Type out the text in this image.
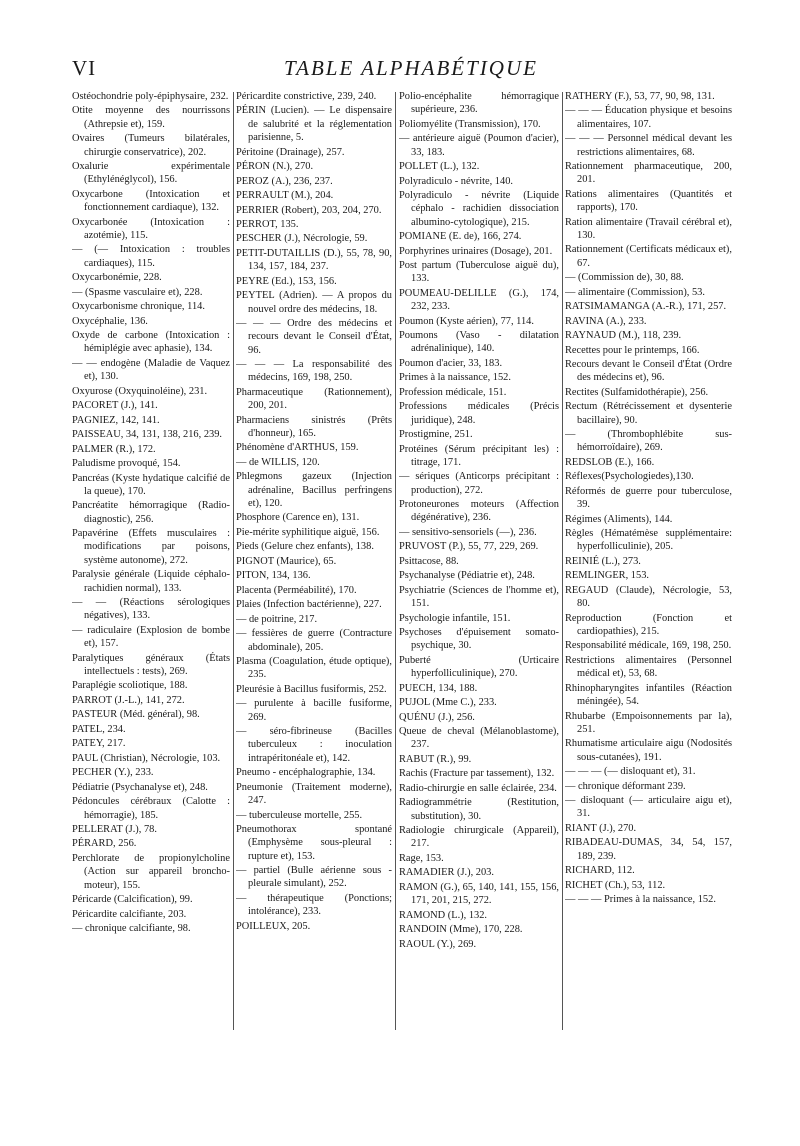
VI	TABLE ALPHABÉTIQUE

Ostéochondrie poly-épiphysaire, 232.

Otite moyenne des nourrissons (Athrepsie et), 159.

Ovaires (Tumeurs bilatérales, chirurgie conservatrice), 202.

Oxalurie expérimentale (Ethylénéglycol), 156.

Oxycarbone (Intoxication et fonctionnement cardiaque), 132.

Oxycarbonée (Intoxication : azotémie), 115.

— (— Intoxication : troubles cardiaques), 115.

Oxycarbonémie, 228.

— (Spasme vasculaire et), 228.

Oxycarbonisme chronique, 114.

Oxycéphalie, 136.

Oxyde de carbone (Intoxication : hémiplégie avec aphasie), 134.

— — endogène (Maladie de Vaquez et), 130.

Oxyurose (Oxyquinoléine), 231.

PACORET (J.), 141.

PAGNIEZ, 142, 141.

PAISSEAU, 34, 131, 138, 216, 239.

PALMER (R.), 172.

Paludisme provoqué, 154.

Pancréas (Kyste hydatique calcifié de la queue), 170.

Pancréatite hémorragique (Radio-diagnostic), 256.

Papavérine (Effets musculaires : modifications par poisons, système autonome), 272.

Paralysie générale (Liquide céphalo-rachidien normal), 133.

— — (Réactions sérologiques négatives), 133.

— radiculaire (Explosion de bombe et), 157.

Paralytiques généraux (États intellectuels : tests), 269.

Paraplégie scoliotique, 188.

PARROT (J.-L.), 141, 272.

PASTEUR (Méd. général), 98.

PATEL, 234.

PATEY, 217.

PAUL (Christian), Nécrologie, 103.

PECHER (Y.), 233.

Pédiatrie (Psychanalyse et), 248.

Pédoncules cérébraux (Calotte : hémorragie), 185.

PELLERAT (J.), 78.

PÉRARD, 256.

Perchlorate de propionylcholine (Action sur appareil broncho-moteur), 155.

Péricarde (Calcification), 99.

Péricardite calcifiante, 203.

— chronique calcifiante, 98.

Péricardite constrictive, 239, 240.

PÉRIN (Lucien). — Le dispensaire de salubrité et la réglementation parisienne, 5.

Péritoine (Drainage), 257.

PÉRON (N.), 270.

PEROZ (A.), 236, 237.

PERRAULT (M.), 204.

PERRIER (Robert), 203, 204, 270.

PERROT, 135.

PESCHER (J.), Nécrologie, 59.

PETIT-DUTAILLIS (D.), 55, 78, 90, 134, 157, 184, 237.

PEYRE (Ed.), 153, 156.

PEYTEL (Adrien). — A propos du nouvel ordre des médecins, 18.

— — — Ordre des médecins et recours devant le Conseil d'État, 96.

— — — La responsabilité des médecins, 169, 198, 250.

Pharmaceutique (Rationnement), 200, 201.

Pharmaciens sinistrés (Prêts d'honneur), 165.

Phénomène d'ARTHUS, 159.

— de WILLIS, 120.

Phlegmons gazeux (Injection adrénaline, Bacillus perfringens et), 120.

Phosphore (Carence en), 131.

Pie-mérite syphilitique aiguë, 156.

Pieds (Gelure chez enfants), 138.

PIGNOT (Maurice), 65.

PITON, 134, 136.

Placenta (Perméabilité), 170.

Plaies (Infection bactérienne), 227.

— de poitrine, 217.

— fessières de guerre (Contracture abdominale), 205.

Plasma (Coagulation, étude optique), 235.

Pleurésie à Bacillus fusiformis, 252.

— purulente à bacille fusiforme, 269.

— séro-fibrineuse (Bacilles tuberculeux : inoculation intrapéritonéale et), 142.

Pneumo - encéphalographie, 134.

Pneumonie (Traitement moderne), 247.

— tuberculeuse mortelle, 255.

Pneumothorax spontané (Emphysème sous-pleural : rupture et), 153.

— partiel (Bulle aérienne sous - pleurale simulant), 252.

— thérapeutique (Ponctions; intolérance), 233.

POILLEUX, 205.

Polio-encéphalite hémorragique supérieure, 236.

Poliomyélite (Transmission), 170.

— antérieure aiguë (Poumon d'acier), 33, 183.

POLLET (L.), 132.

Polyradiculo - névrite, 140.

Polyradiculo - névrite (Liquide céphalo - rachidien dissociation albumino-cytologique), 215.

POMIANE (E. de), 166, 274.

Porphyrines urinaires (Dosage), 201.

Post partum (Tuberculose aiguë du), 133.

POUMEAU-DELILLE (G.), 174, 232, 233.

Poumon (Kyste aérien), 77, 114.

Poumons (Vaso - dilatation adrénalinique), 140.

Poumon d'acier, 33, 183.

Primes à la naissance, 152.

Profession médicale, 151.

Professions médicales (Précis juridique), 248.

Prostigmine, 251.

Protéines (Sérum précipitant les) : titrage, 171.

— sériques (Anticorps précipitant : production), 272.

Protoneurones moteurs (Affection dégénérative), 236.

— sensitivo-sensoriels (—), 236.

PRUVOST (P.), 55, 77, 229, 269.

Psittacose, 88.

Psychanalyse (Pédiatrie et), 248.

Psychiatrie (Sciences de l'homme et), 151.

Psychologie infantile, 151.

Psychoses d'épuisement somato-psychique, 30.

Puberté (Urticaire hyperfolliculinique), 270.

PUECH, 134, 188.

PUJOL (Mme C.), 233.

QUÉNU (J.), 256.

Queue de cheval (Mélanoblastome), 237.

RABUT (R.), 99.

Rachis (Fracture par tassement), 132.

Radio-chirurgie en salle éclairée, 234.

Radiogrammétrie (Restitution, substitution), 30.

Radiologie chirurgicale (Appareil), 217.

Rage, 153.

RAMADIER (J.), 203.

RAMON (G.), 65, 140, 141, 155, 156, 171, 201, 215, 272.

RAMOND (L.), 132.

RANDOIN (Mme), 170, 228.

RAOUL (Y.), 269.

RATHERY (F.), 53, 77, 90, 98, 131.

— — — Éducation physique et besoins alimentaires, 107.

— — — Personnel médical devant les restrictions alimentaires, 68.

Rationnement pharmaceutique, 200, 201.

Rations alimentaires (Quantités et rapports), 170.

Ration alimentaire (Travail cérébral et), 130.

Rationnement (Certificats médicaux et), 67.

— (Commission de), 30, 88.

— alimentaire (Commission), 53.

RATSIMAMANGA (A.-R.), 171, 257.

RAVINA (A.), 233.

RAYNAUD (M.), 118, 239.

Recettes pour le printemps, 166.

Recours devant le Conseil d'État (Ordre des médecins et), 96.

Rectites (Sulfamidothérapie), 256.

Rectum (Rétrécissement et dysenterie bacillaire), 90.

— (Thrombophlébite sus-hémorroïdaire), 269.

REDSLOB (E.), 166.

Réflexes(Psychologiedes),130.

Réformés de guerre pour tuberculose, 39.

Régimes (Aliments), 144.

Règles (Hématémèse supplémentaire: hyperfolliculinie), 205.

REINIÉ (L.), 273.

REMLINGER, 153.

REGAUD (Claude), Nécrologie, 53, 80.

Reproduction (Fonction et cardiopathies), 215.

Responsabilité médicale, 169, 198, 250.

Restrictions alimentaires (Personnel médical et), 53, 68.

Rhinopharyngites infantiles (Réaction méningée), 54.

Rhubarbe (Empoisonnements par la), 251.

Rhumatisme articulaire aigu (Nodosités sous-cutanées), 191.

— — — (— disloquant et), 31.

— chronique déformant 239.

— disloquant (— articulaire aigu et), 31.

RIANT (J.), 270.

RIBADEAU-DUMAS, 34, 54, 157, 189, 239.

RICHARD, 112.

RICHET (Ch.), 53, 112.

— — — Primes à la naissance, 152.
